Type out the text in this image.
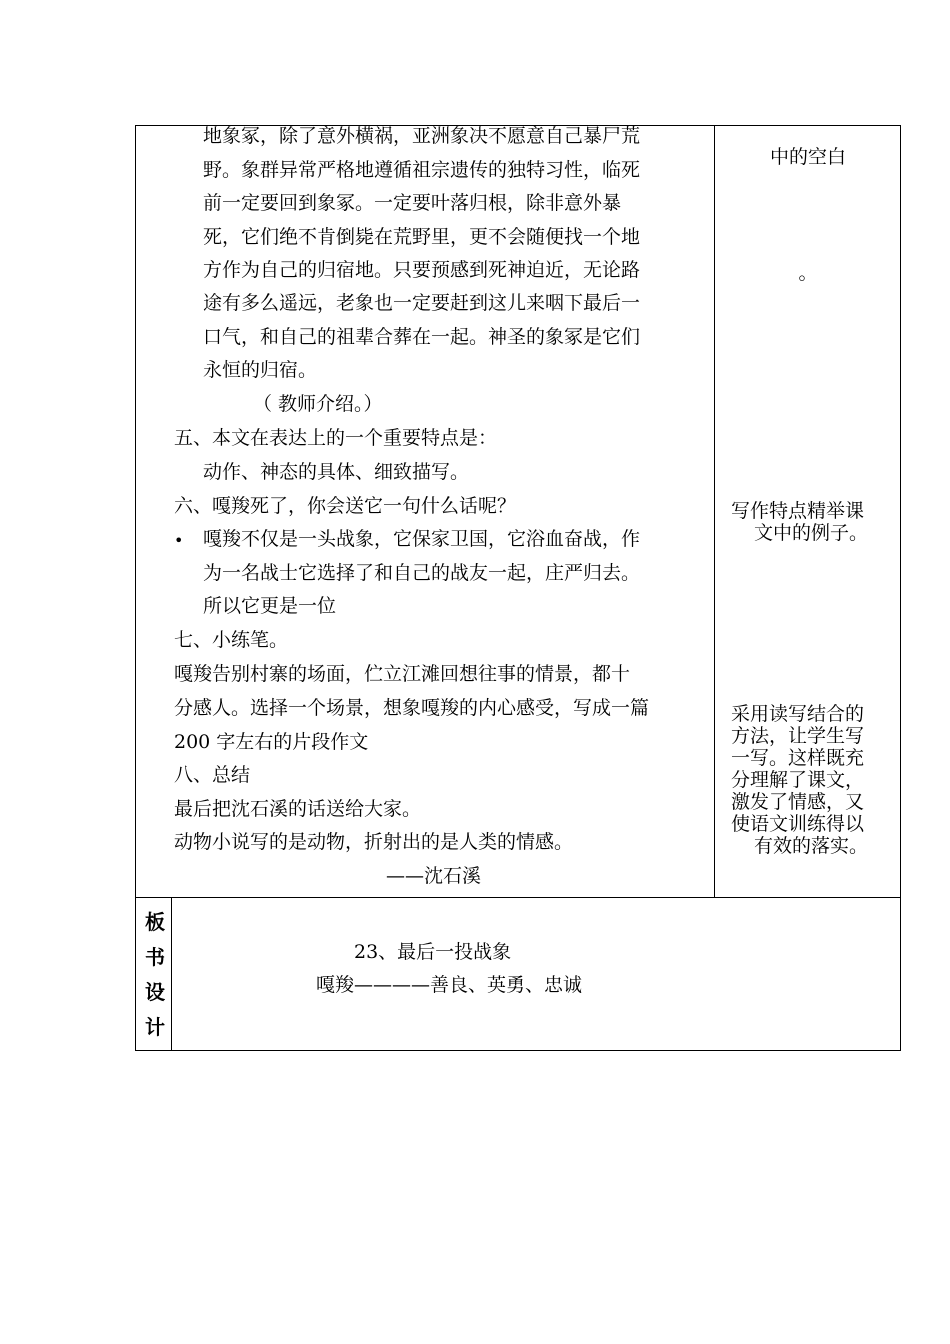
地象冢，除了意外横祸，亚洲象决不愿意自己暴尸荒
野。象群异常严格地遵循祖宗遗传的独特习性，临死
前一定要回到象冢。一定要叶落归根，除非意外暴
死，它们绝不肯倒毙在荒野里，更不会随便找一个地
方作为自己的归宿地。只要预感到死神迫近，无论路
途有多么遥远，老象也一定要赶到这儿来咽下最后一
口气，和自己的祖辈合葬在一起。神圣的象冢是它们
永恒的归宿。
（ 教师介绍。）
五、本文在表达上的一个重要特点是：
动作、神态的具体、细致描写。
六、嘎羧死了，你会送它一句什么话呢？
• 嘎羧不仅是一头战象，它保家卫国，它浴血奋战，作
为一名战士它选择了和自己的战友一起，庄严归去。
所以它更是一位
七、小练笔。
嘎羧告别村寨的场面，伫立江滩回想往事的情景，都十
分感人。选择一个场景，想象嘎羧的内心感受，写成一篇
200 字左右的片段作文
八、总结
最后把沈石溪的话送给大家。
动物小说写的是动物，折射出的是人类的情感。
——沈石溪
中的空白
。
写作特点精举课
文中的例子。
采用读写结合的
方法，让学生写
一写。这样既充
分理解了课文，
激发了情感，又
使语文训练得以
有效的落实。
板
书
设
计
23、最后一投战象
嘎羧————善良、英勇、忠诚
